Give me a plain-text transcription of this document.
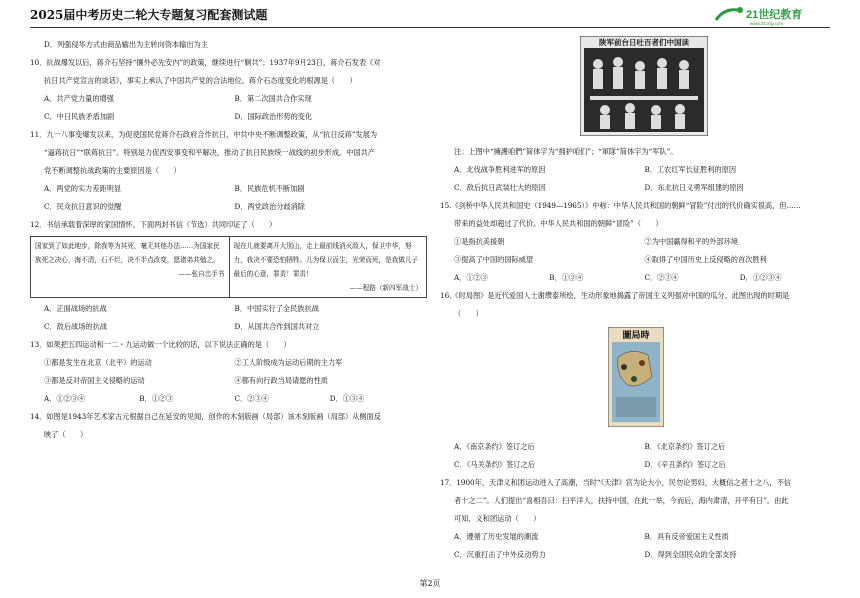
2025届中考历史二轮大专题复习配套测试题	21世纪教育
www.21cnjy.com
D．列强侵华方式由商品输出为主转向资本输出为主
10．抗战爆发以后，蒋介石坚持“攘外必先安内”的政策，继续进行“剿共”；1937年9月23日，蒋介石发表《对
抗日共产党宣言的谈话》，事实上承认了中国共产党的合法地位。蒋介石态度变化的根源是（　　）
A．共产党力量的增强	B．第二次国共合作实现
C．中日民族矛盾加剧	D．国际政治形势的变化
11．九一八事变爆发以来，为促使国民党蒋介石政府合作抗日，中共中央不断调整政策，从“抗日反蒋”发展为
“逼蒋抗日”“联蒋抗日”。特别是力促西安事变和平解决，推动了抗日民族统一战线的初步形成。中国共产
党不断调整抗战政策的主要原因是（　　）
A．两党的实力差距明显	B．民族危机不断加剧
C．民众抗日意识的觉醒	D．两党政治分歧消除
12．书信承载着深厚的家国情怀，下面两封书信（节选）共同印证了（　　）
国家到了如此地步，除我等为其死，毫无其他办法……为国家民族死之决心，海不清，石不烂，决不半点改变，愿诸弟共勉之。
——张自忠手书

现在儿就要离开大别山，走上最前线消灭敌人，保卫中华，努力，我决不要恐怕牺牲。儿为保卫而生，光荣而死，是我做儿子最后的心意，罪责！罪责！
——程路（新四军战士）
A．正面战场的抗战	B．中国实行了全民族抗战
C．敌后战场的抗战	D．从国共合作到国共对立
13．如果把五四运动和一二・九运动做一个比较的话，以下说法正确的是（　　）
①都是发生在北京（北平）的运动	②工人阶级成为运动后期的主力军
③都是反对帝国主义侵略的运动	④都有向行政当局请愿的性质
A．①②③④	B．①②③	C．②③④	D．①③④
14．如图是1943年艺术家古元根据自己在延安的见闻，创作的木刻版画（局部）该木刻版画（局部）从侧面反
映了（　　）
陕军前台日吐百者们中国读
注：上图中“擁護咱們”简体字为“拥护咱们”；“軍隊”简体字为“军队”。
A．北伐战争胜利进军的原因	B．工农红军长征胜利的原因
C．敌后抗日武装壮大的原因	D．东北抗日义勇军组建的原因
15.《剑桥中华人民共和国史（1949—1965）》中称：中华人民共和国的朝鲜“冒险”付出的代价确实很高，但……
带来的益处却超过了代价。中华人民共和国的朝鲜“冒险”（　　）
①是指抗美援朝	②为中国赢得和平的外部环境
③提高了中国的国际威望	④取得了中国历史上反侵略的首次胜利
A．①②③	B．①③④	C．②③④	D．①②③④
16.《时局图》是近代爱国人士谢缵泰所绘，生动形象地揭露了帝国主义列强对中国的瓜分。此图出现的时期是
（　　）
圖局時
A．《南京条约》签订之后	B．《北京条约》签订之后
C．《马关条约》签订之后	D．《辛丑条约》签订之后
17．1900年，天津义和团运动进入了高潮，当时“《天津》官为论大小，民勿论男妇，大概信之者十之八，不信
者十之二”。人们提出“喜相吾曰：扫平洋人，扶持中国，在此一举，今而后，海内肃清，开平有日”。由此
可知，义和团运动（　　）
A．遵循了历史发展的潮流	B．具有反帝爱国主义性质
C．沉重打击了中外反动势力	D．得到全国民众的全部支持
第2页
